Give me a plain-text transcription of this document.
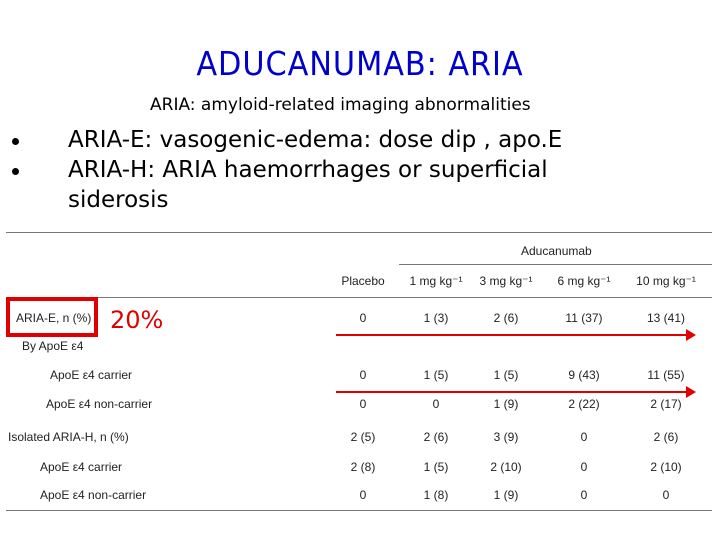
ADUCANUMAB: ARIA
ARIA: amyloid-related imaging abnormalities
ARIA-E: vasogenic-edema: dose dip , apo.E
ARIA-H: ARIA haemorrhages or superficial siderosis
Aducanumab
Placebo	1 mg kg⁻¹	3 mg kg⁻¹	6 mg kg⁻¹	10 mg kg⁻¹
ARIA-E, n (%)	0	1 (3)	2 (6)	11 (37)	13 (41)
By ApoE ε4
ApoE ε4 carrier	0	1 (5)	1 (5)	9 (43)	11 (55)
ApoE ε4 non-carrier	0	0	1 (9)	2 (22)	2 (17)
Isolated ARIA-H, n (%)	2 (5)	2 (6)	3 (9)	0	2 (6)
ApoE ε4 carrier	2 (8)	1 (5)	2 (10)	0	2 (10)
ApoE ε4 non-carrier	0	1 (8)	1 (9)	0	0
20%
